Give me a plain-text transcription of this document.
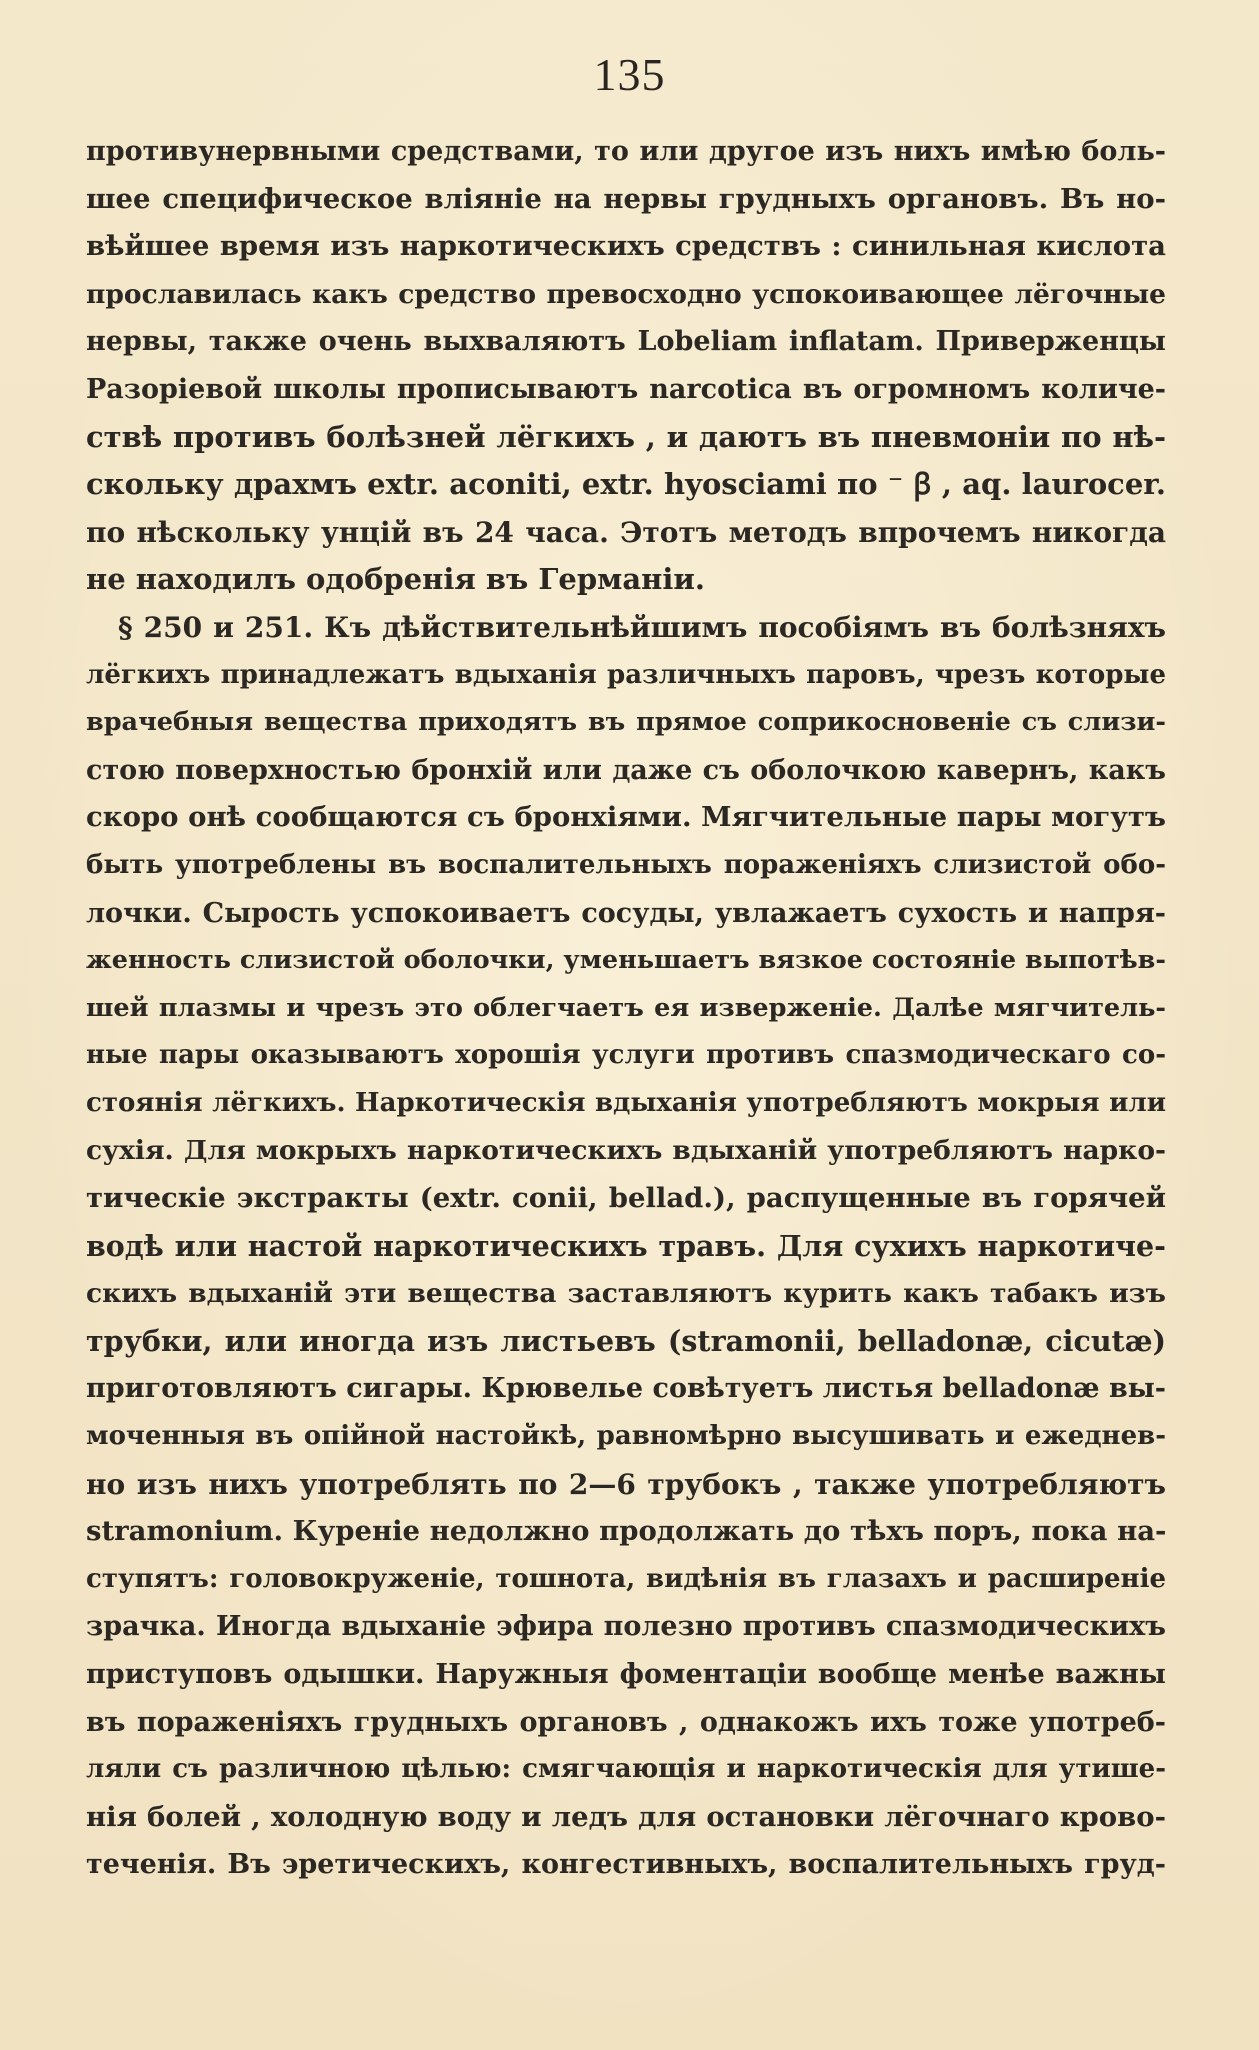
135
противунервными средствами, то или другое изъ нихъ имѣю боль-
шее специфическое влiянiе на нервы грудныхъ органовъ. Въ но-
вѣйшее время изъ наркотическихъ средствъ : синильная кислота
прославилась какъ средство превосходно успокоивающее лёгочные
нервы, также очень выхваляютъ Lobeliam inflatam. Приверженцы
Разорiевой школы прописываютъ narcotica въ огромномъ количе-
ствѣ противъ болѣзней лёгкихъ , и даютъ въ пневмонiи по нѣ-
скольку драхмъ extr. aconiti, extr. hyosciami по ⁻ ꞵ , aq. laurocer.
по нѣскольку унцiй въ 24 часа. Этотъ методъ впрочемъ никогда
не находилъ одобренiя въ Германiи.
§ 250 и 251. Къ дѣйствительнѣйшимъ пособiямъ въ болѣзняхъ
лёгкихъ принадлежатъ вдыханiя различныхъ паровъ, чрезъ которые
врачебныя вещества приходятъ въ прямое соприкосновенiе съ слизи-
стою поверхностью бронхiй или даже съ оболочкою кавернъ, какъ
скоро онѣ сообщаются съ бронхiями. Мягчительные пары могутъ
быть употреблены въ воспалительныхъ пораженiяхъ слизистой обо-
лочки. Сырость успокоиваетъ сосуды, увлажаетъ сухость и напря-
женность слизистой оболочки, уменьшаетъ вязкое состоянiе выпотѣв-
шей плазмы и чрезъ это облегчаетъ ея изверженiе. Далѣе мягчитель-
ные пары оказываютъ хорошiя услуги противъ спазмодическаго со-
стоянiя лёгкихъ. Наркотическiя вдыханiя употребляютъ мокрыя или
сухiя. Для мокрыхъ наркотическихъ вдыханiй употребляютъ нарко-
тическiе экстракты (extr. conii, bellad.), распущенные въ горячей
водѣ или настой наркотическихъ травъ. Для сухихъ наркотиче-
скихъ вдыханiй эти вещества заставляютъ курить какъ табакъ изъ
трубки, или иногда изъ листьевъ (stramonii, belladonæ, cicutæ)
приготовляютъ сигары. Крювелье совѣтуетъ листья belladonæ вы-
моченныя въ опiйной настойкѣ, равномѣрно высушивать и ежеднев-
но изъ нихъ употреблять по 2—6 трубокъ , также употребляютъ
stramonium. Куренiе недолжно продолжать до тѣхъ поръ, пока на-
ступятъ: головокруженiе, тошнота, видѣнiя въ глазахъ и расширенiе
зрачка. Иногда вдыханiе эфира полезно противъ спазмодическихъ
приступовъ одышки. Наружныя фоментацiи вообще менѣе важны
въ пораженiяхъ грудныхъ органовъ , однакожъ ихъ тоже употреб-
ляли съ различною цѣлью: смягчающiя и наркотическiя для утише-
нiя болей , холодную воду и ледъ для остановки лёгочнаго крово-
теченiя. Въ эретическихъ, конгестивныхъ, воспалительныхъ груд-
